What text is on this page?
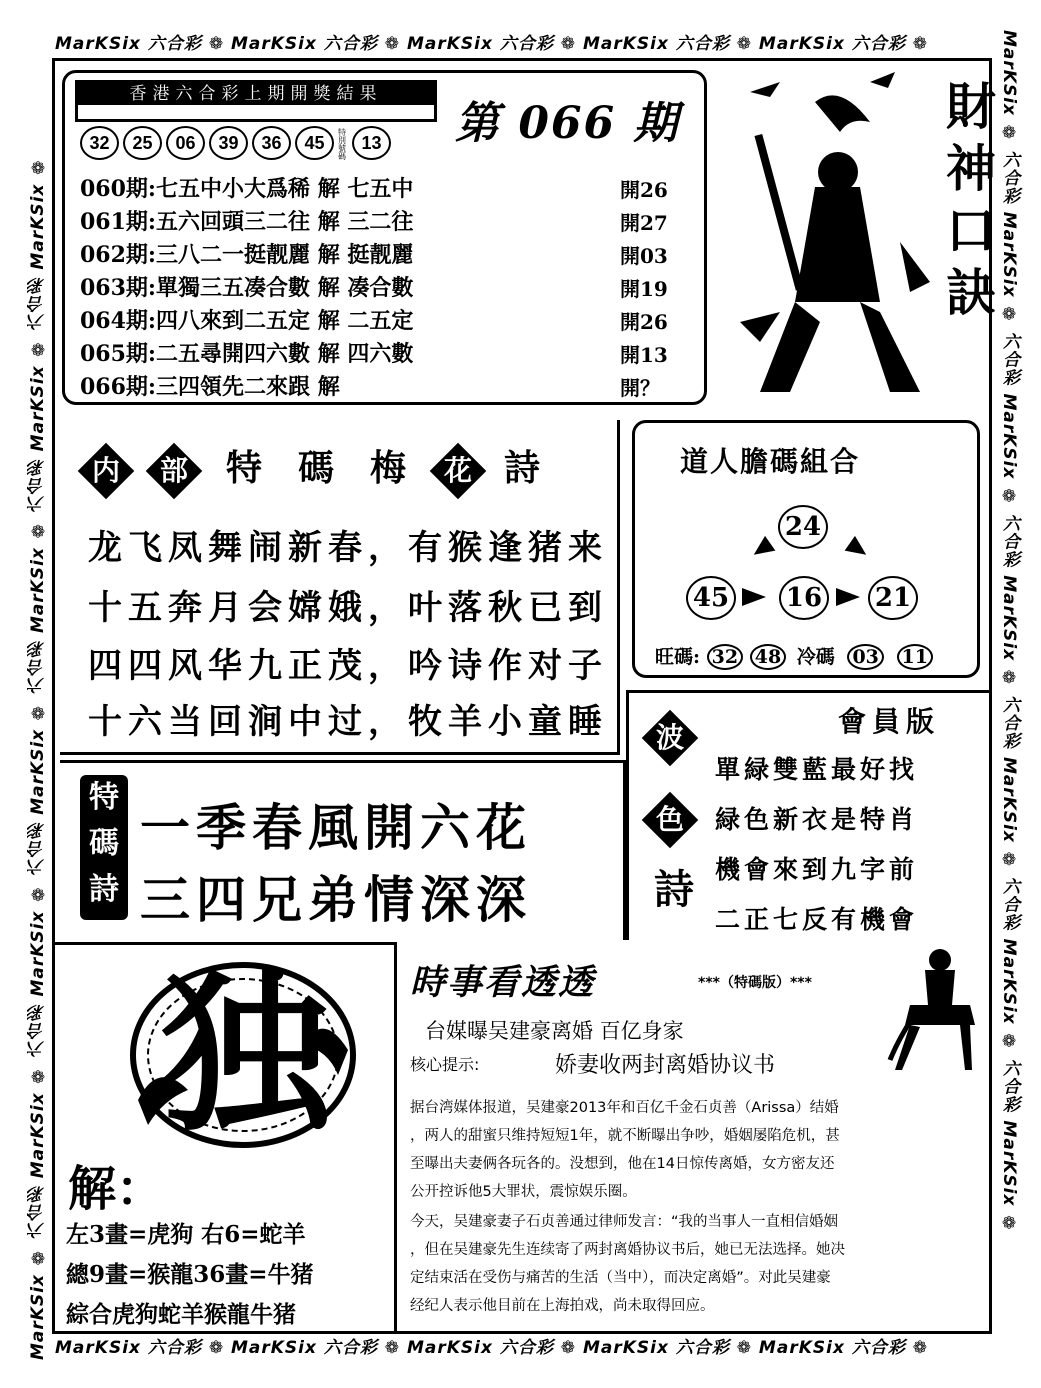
MarKSix 六合彩 ❁ MarKSix 六合彩 ❁ MarKSix 六合彩 ❁ MarKSix 六合彩 ❁ MarKSix 六合彩 ❁
MarKSix 六合彩 ❁ MarKSix 六合彩 ❁ MarKSix 六合彩 ❁ MarKSix 六合彩 ❁ MarKSix 六合彩 ❁
MarKSix ❁ 六合彩 MarKSix ❁ 六合彩 MarKSix ❁ 六合彩 MarKSix ❁ 六合彩 MarKSix ❁ 六合彩 MarKSix ❁ 六合彩 MarKSix ❁	MarKSix ❁ 六合彩 MarKSix ❁ 六合彩 MarKSix ❁ 六合彩 MarKSix ❁ 六合彩 MarKSix ❁ 六合彩 MarKSix ❁ 六合彩 MarKSix ❁
香港六合彩上期開獎結果
32 25 06 39 36 45特別號碼13	第 066 期
060期:七五中小大爲稀 解 七五中	開26
061期:五六回頭三二往 解 三二往	開27
062期:三八二一挺靓麗 解 挺靓麗	開03
063期:單獨三五凑合數 解 凑合數	開19
064期:四八來到二五定 解 二五定	開26
065期:二五尋開四六數 解 四六數	開13
066期:三四領先二來跟 解	開？
財神口訣
内 部 特 碼 梅 花 詩
龙飞凤舞闹新春，有猴逢猪来
十五奔月会嫦娥，叶落秋已到
四四风华九正茂，吟诗作对子
十六当回涧中过，牧羊小童睡
道人膽碼組合
24
45 16 21
旺碼: 32 48 冷碼 03 11
會員版
波 色
詩
單緑雙藍最好找
緑色新衣是特肖
機會來到九字前
二正七反有機會
特
碼
詩
一季春風開六花
三四兄弟情深深
独
解：
左3畫=虎狗 右6=蛇羊
總9畫=猴龍36畫=牛猪
綜合虎狗蛇羊猴龍牛猪
時事看透透	***（特碼版）***
台媒曝吴建豪离婚 百亿身家
核心提示:	娇妻收两封离婚协议书
据台湾媒体报道，吴建豪2013年和百亿千金石贞善（Arissa）结婚
，两人的甜蜜只维持短短1年，就不断曝出争吵，婚姻屡陷危机，甚
至曝出夫妻俩各玩各的。没想到，他在14日惊传离婚，女方密友还
公开控诉他5大罪状，震惊娱乐圈。
今天，吴建豪妻子石贞善通过律师发言：“我的当事人一直相信婚姻
，但在吴建豪先生连续寄了两封离婚协议书后，她已无法选择。她决
定结束活在受伤与痛苦的生活（当中），而决定离婚”。对此吴建豪
经纪人表示他目前在上海拍戏，尚未取得回应。
